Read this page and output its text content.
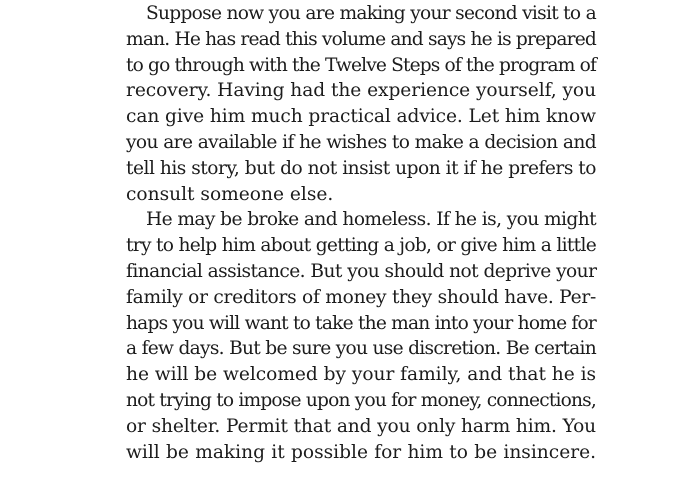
Suppose now you are making your second visit to a
man. He has read this volume and says he is prepared
to go through with the Twelve Steps of the program of
recovery. Having had the experience yourself, you
can give him much practical advice. Let him know
you are available if he wishes to make a decision and
tell his story, but do not insist upon it if he prefers to
consult someone else.
He may be broke and homeless. If he is, you might
try to help him about getting a job, or give him a little
financial assistance. But you should not deprive your
family or creditors of money they should have. Per-
haps you will want to take the man into your home for
a few days. But be sure you use discretion. Be certain
he will be welcomed by your family, and that he is
not trying to impose upon you for money, connections,
or shelter. Permit that and you only harm him. You
will be making it possible for him to be insincere.
